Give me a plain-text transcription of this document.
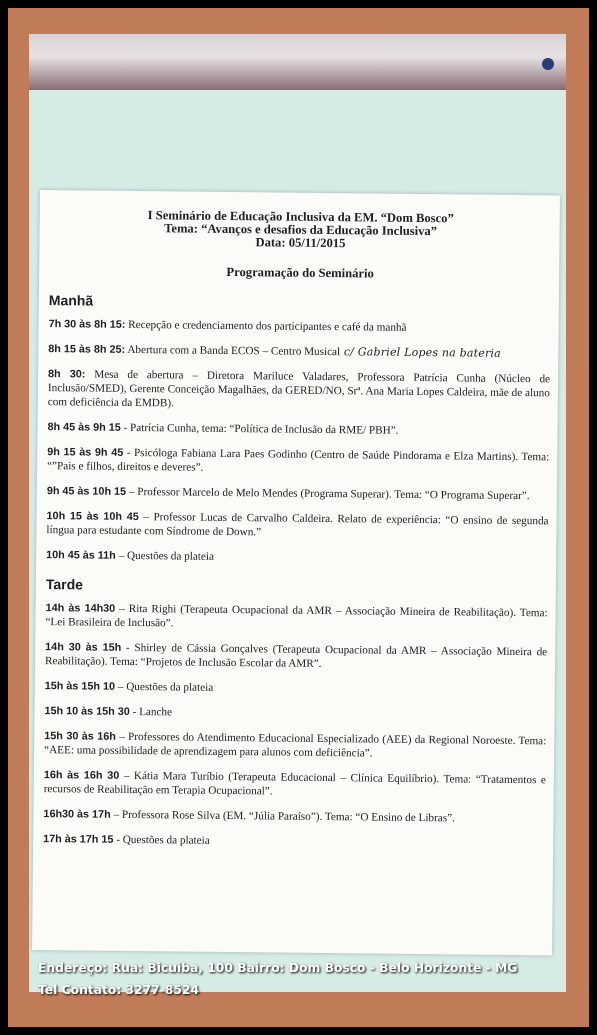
I Seminário de Educação Inclusiva da EM. “Dom Bosco”
Tema: “Avanços e desafios da Educação Inclusiva”
Data: 05/11/2015
Programação do Seminário
Manhã
7h 30 às 8h 15: Recepção e credenciamento dos participantes e café da manhã
8h 15 às 8h 25: Abertura com a Banda ECOS – Centro Musical c/ Gabriel Lopes na bateria
8h 30: Mesa de abertura – Diretora Mariluce Valadares, Professora Patrícia Cunha (Núcleo de Inclusão/SMED), Gerente Conceição Magalhães, da GERED/NO, Srª. Ana Maria Lopes Caldeira, mãe de aluno com deficiência da EMDB).
8h 45 às 9h 15 - Patrícia Cunha, tema: “Política de Inclusão da RME/ PBH”.
9h 15 às 9h 45 - Psicóloga Fabiana Lara Paes Godinho (Centro de Saúde Pindorama e Elza Martins). Tema: “”Pais e filhos, direitos e deveres”.
9h 45 às 10h 15 – Professor Marcelo de Melo Mendes (Programa Superar). Tema: “O Programa Superar”.
10h 15 às 10h 45 – Professor Lucas de Carvalho Caldeira. Relato de experiência: “O ensino de segunda língua para estudante com Síndrome de Down.”
10h 45 às 11h – Questões da plateia
Tarde
14h às 14h30 – Rita Righi (Terapeuta Ocupacional da AMR – Associação Mineira de Reabilitação). Tema: “Lei Brasileira de Inclusão”.
14h 30 às 15h - Shirley de Cássia Gonçalves (Terapeuta Ocupacional da AMR – Associação Mineira de Reabilitação). Tema: “Projetos de Inclusão Escolar da AMR”.
15h às 15h 10 – Questões da plateia
15h 10 às 15h 30 - Lanche
15h 30 às 16h – Professores do Atendimento Educacional Especializado (AEE) da Regional Noroeste. Tema: “AEE: uma possibilidade de aprendizagem para alunos com deficiência”.
16h às 16h 30 – Kátia Mara Turíbio (Terapeuta Educacional – Clínica Equilíbrio). Tema: “Tratamentos e recursos de Reabilitação em Terapia Ocupacional”.
16h30 às 17h – Professora Rose Silva (EM. “Júlia Paraíso”). Tema: “O Ensino de Libras”.
17h às 17h 15 - Questões da plateia
Endereço: Rua: Bicuiba, 100 Bairro: Dom Bosco - Belo Horizonte - MG
Tel Contato: 3277-8524
